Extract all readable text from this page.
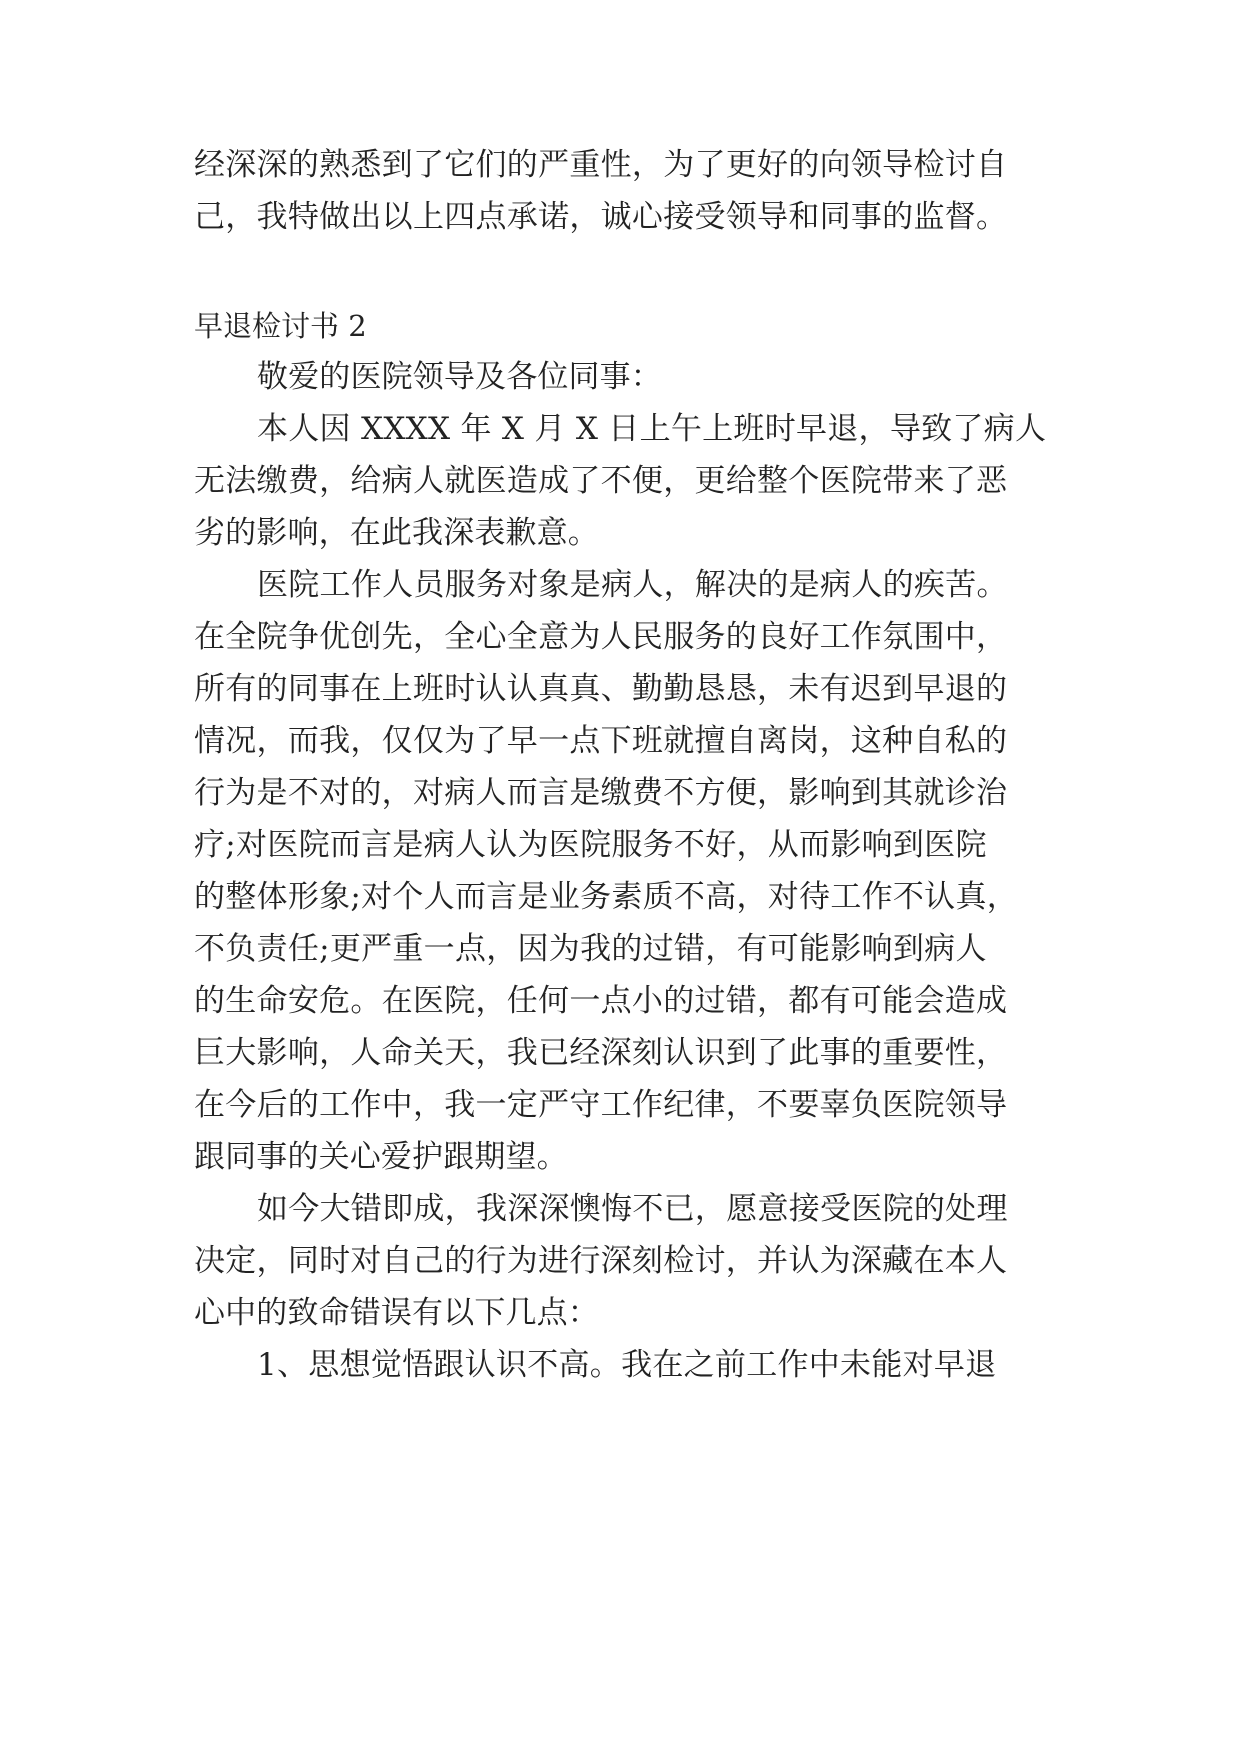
经深深的熟悉到了它们的严重性，为了更好的向领导检讨自
己，我特做出以上四点承诺，诚心接受领导和同事的监督。
早退检讨书 2
敬爱的医院领导及各位同事：
本人因 XXXX 年 X 月 X 日上午上班时早退，导致了病人
无法缴费，给病人就医造成了不便，更给整个医院带来了恶
劣的影响，在此我深表歉意。
医院工作人员服务对象是病人，解决的是病人的疾苦。
在全院争优创先，全心全意为人民服务的良好工作氛围中，
所有的同事在上班时认认真真、勤勤恳恳，未有迟到早退的
情况，而我，仅仅为了早一点下班就擅自离岗，这种自私的
行为是不对的，对病人而言是缴费不方便，影响到其就诊治
疗;对医院而言是病人认为医院服务不好，从而影响到医院
的整体形象;对个人而言是业务素质不高，对待工作不认真，
不负责任;更严重一点，因为我的过错，有可能影响到病人
的生命安危。在医院，任何一点小的过错，都有可能会造成
巨大影响，人命关天，我已经深刻认识到了此事的重要性，
在今后的工作中，我一定严守工作纪律，不要辜负医院领导
跟同事的关心爱护跟期望。
如今大错即成，我深深懊悔不已，愿意接受医院的处理
决定，同时对自己的行为进行深刻检讨，并认为深藏在本人
心中的致命错误有以下几点：
1、思想觉悟跟认识不高。我在之前工作中未能对早退
